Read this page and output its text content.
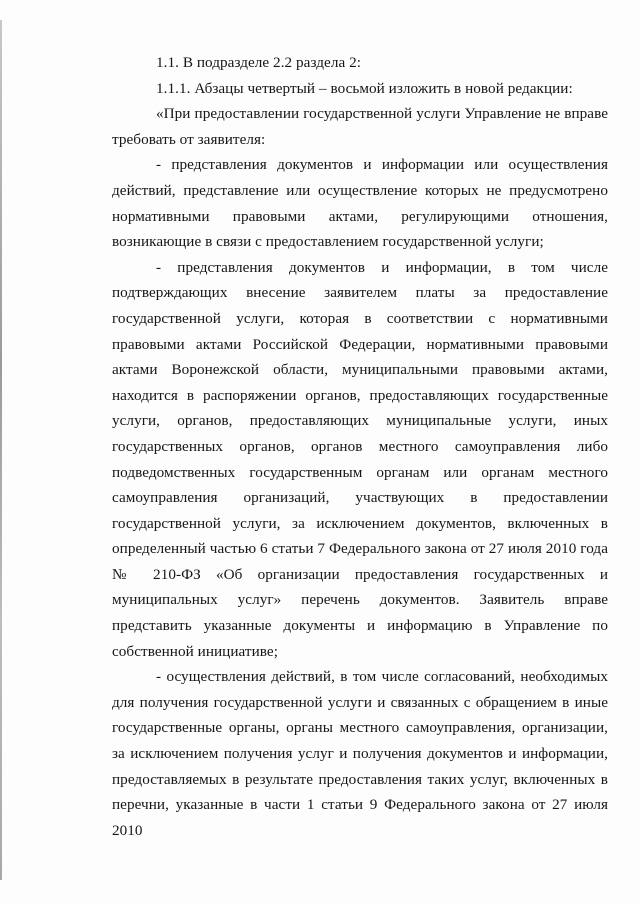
1.1. В подразделе 2.2 раздела 2:

1.1.1. Абзацы четвертый – восьмой изложить в новой редакции:

«При предоставлении государственной услуги Управление не вправе требовать от заявителя:

- представления документов и информации или осуществления действий, представление или осуществление которых не предусмотрено нормативными правовыми актами, регулирующими отношения, возникающие в связи с предоставлением государственной услуги;

- представления документов и информации, в том числе подтверждающих внесение заявителем платы за предоставление государственной услуги, которая в соответствии с нормативными правовыми актами Российской Федерации, нормативными правовыми актами Воронежской области, муниципальными правовыми актами, находится в распоряжении органов, предоставляющих государственные услуги, органов, предоставляющих муниципальные услуги, иных государственных органов, органов местного самоуправления либо подведомственных государственным органам или органам местного самоуправления организаций, участвующих в предоставлении государственной услуги, за исключением документов, включенных в определенный частью 6 статьи 7 Федерального закона от 27 июля 2010 года № 210-ФЗ «Об организации предоставления государственных и муниципальных услуг» перечень документов. Заявитель вправе представить указанные документы и информацию в Управление по собственной инициативе;

- осуществления действий, в том числе согласований, необходимых для получения государственной услуги и связанных с обращением в иные государственные органы, органы местного самоуправления, организации, за исключением получения услуг и получения документов и информации, предоставляемых в результате предоставления таких услуг, включенных в перечни, указанные в части 1 статьи 9 Федерального закона от 27 июля 2010
